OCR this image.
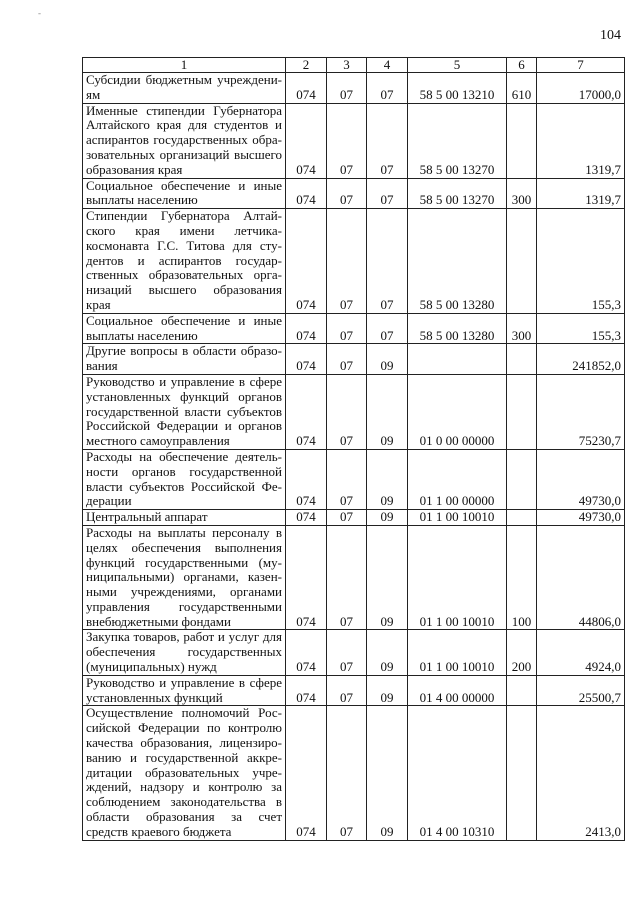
-
104
1	2	3	4	5	6	7
Субсидии бюджетным учреждени-ям	074	07	07	58 5 00 13210	610	17000,0
Именные стипендии Губернатора Алтайского края для студентов и аспирантов государственных обра-зовательных организаций высшего образования края	074	07	07	58 5 00 13270		1319,7
Социальное обеспечение и иные выплаты населению	074	07	07	58 5 00 13270	300	1319,7
Стипендии Губернатора Алтай-ского края имени летчика-космонавта Г.С. Титова для сту-дентов и аспирантов государ-ственных образовательных орга-низаций высшего образования края	074	07	07	58 5 00 13280		155,3
Социальное обеспечение и иные выплаты населению	074	07	07	58 5 00 13280	300	155,3
Другие вопросы в области образо-вания	074	07	09			241852,0
Руководство и управление в сфере установленных функций органов государственной власти субъектов Российской Федерации и органов местного самоуправления	074	07	09	01 0 00 00000		75230,7
Расходы на обеспечение деятель-ности органов государственной власти субъектов Российской Фе-дерации	074	07	09	01 1 00 00000		49730,0
Центральный аппарат	074	07	09	01 1 00 10010		49730,0
Расходы на выплаты персоналу в целях обеспечения выполнения функций государственными (му-ниципальными) органами, казен-ными учреждениями, органами управления государственными внебюджетными фондами	074	07	09	01 1 00 10010	100	44806,0
Закупка товаров, работ и услуг для обеспечения государственных (муниципальных) нужд	074	07	09	01 1 00 10010	200	4924,0
Руководство и управление в сфере установленных функций	074	07	09	01 4 00 00000		25500,7
Осуществление полномочий Рос-сийской Федерации по контролю качества образования, лицензиро-ванию и государственной аккре-дитации образовательных учре-ждений, надзору и контролю за соблюдением законодательства в области образования за счет средств краевого бюджета	074	07	09	01 4 00 10310		2413,0
